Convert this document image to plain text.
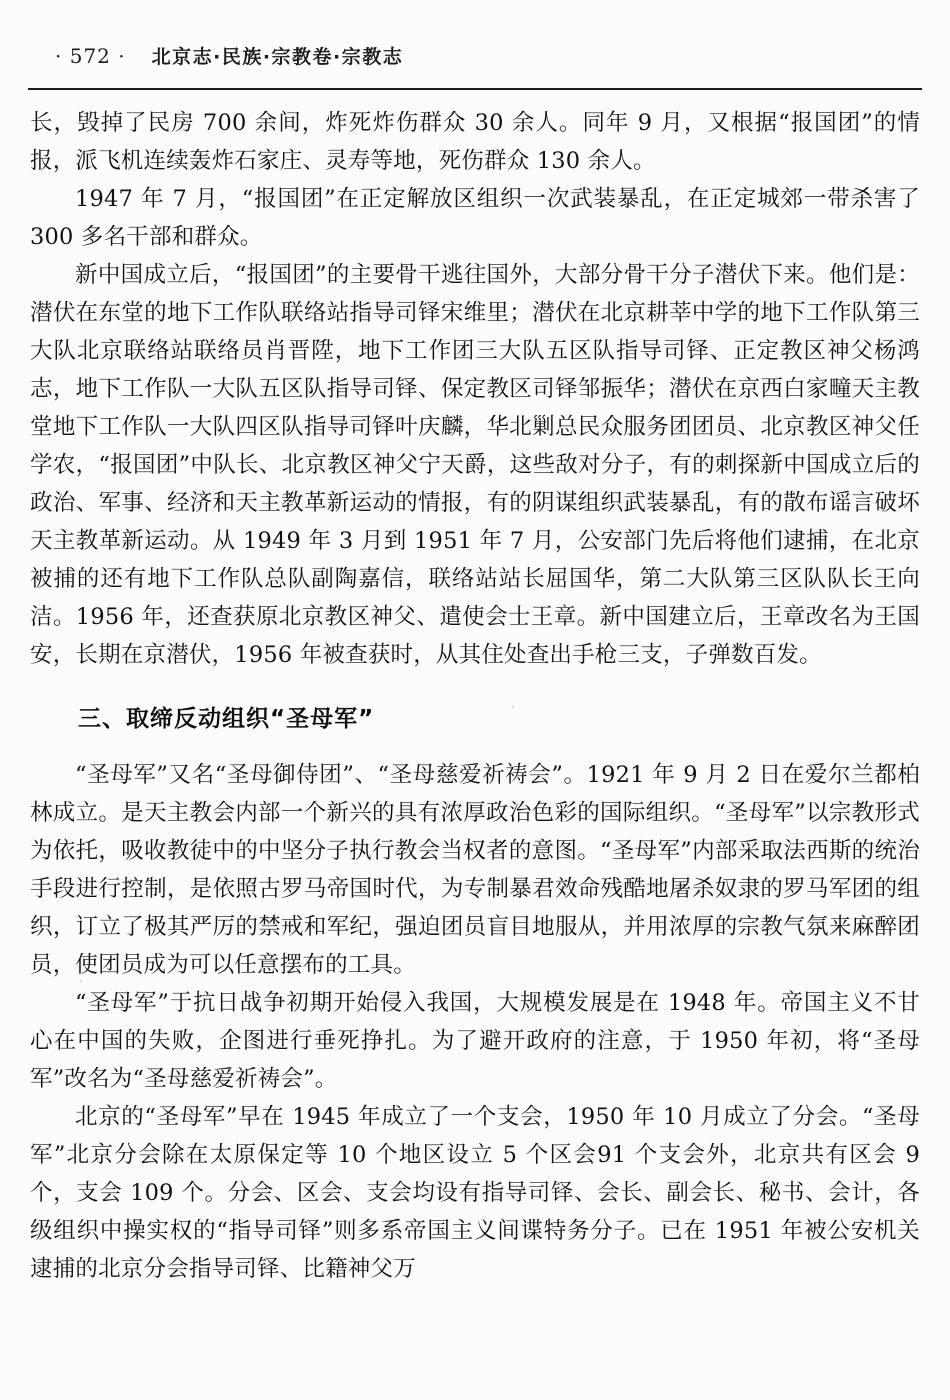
· 572 · 北京志·民族·宗教卷·宗教志

长，毁掉了民房 700 余间，炸死炸伤群众 30 余人。同年 9 月，又根据“报国团”的情报，派飞机连续轰炸石家庄、灵寿等地，死伤群众 130 余人。

1947 年 7 月，“报国团”在正定解放区组织一次武装暴乱，在正定城郊一带杀害了 300 多名干部和群众。

新中国成立后，“报国团”的主要骨干逃往国外，大部分骨干分子潜伏下来。他们是：潜伏在东堂的地下工作队联络站指导司铎宋维里；潜伏在北京耕莘中学的地下工作队第三大队北京联络站联络员肖晋陞，地下工作团三大队五区队指导司铎、正定教区神父杨鸿志，地下工作队一大队五区队指导司铎、保定教区司铎邹振华；潜伏在京西白家疃天主教堂地下工作队一大队四区队指导司铎叶庆麟，华北剿总民众服务团团员、北京教区神父任学农，“报国团”中队长、北京教区神父宁天爵，这些敌对分子，有的刺探新中国成立后的政治、军事、经济和天主教革新运动的情报，有的阴谋组织武装暴乱，有的散布谣言破坏天主教革新运动。从 1949 年 3 月到 1951 年 7 月，公安部门先后将他们逮捕，在北京被捕的还有地下工作队总队副陶嘉信，联络站站长屈国华，第二大队第三区队队长王向洁。1956 年，还查获原北京教区神父、遣使会士王章。新中国建立后，王章改名为王国安，长期在京潜伏，1956 年被查获时，从其住处查出手枪三支，子弹数百发。

三、取缔反动组织“圣母军”

“圣母军”又名“圣母御侍团”、“圣母慈爱祈祷会”。1921 年 9 月 2 日在爱尔兰都柏林成立。是天主教会内部一个新兴的具有浓厚政治色彩的国际组织。“圣母军”以宗教形式为依托，吸收教徒中的中坚分子执行教会当权者的意图。“圣母军”内部采取法西斯的统治手段进行控制，是依照古罗马帝国时代，为专制暴君效命残酷地屠杀奴隶的罗马军团的组织，订立了极其严厉的禁戒和军纪，强迫团员盲目地服从，并用浓厚的宗教气氛来麻醉团员，使团员成为可以任意摆布的工具。

“圣母军”于抗日战争初期开始侵入我国，大规模发展是在 1948 年。帝国主义不甘心在中国的失败，企图进行垂死挣扎。为了避开政府的注意，于 1950 年初，将“圣母军”改名为“圣母慈爱祈祷会”。

北京的“圣母军”早在 1945 年成立了一个支会，1950 年 10 月成立了分会。“圣母军”北京分会除在太原保定等 10 个地区设立 5 个区会91 个支会外，北京共有区会 9 个，支会 109 个。分会、区会、支会均设有指导司铎、会长、副会长、秘书、会计，各级组织中操实权的“指导司铎”则多系帝国主义间谍特务分子。已在 1951 年被公安机关逮捕的北京分会指导司铎、比籍神父万
